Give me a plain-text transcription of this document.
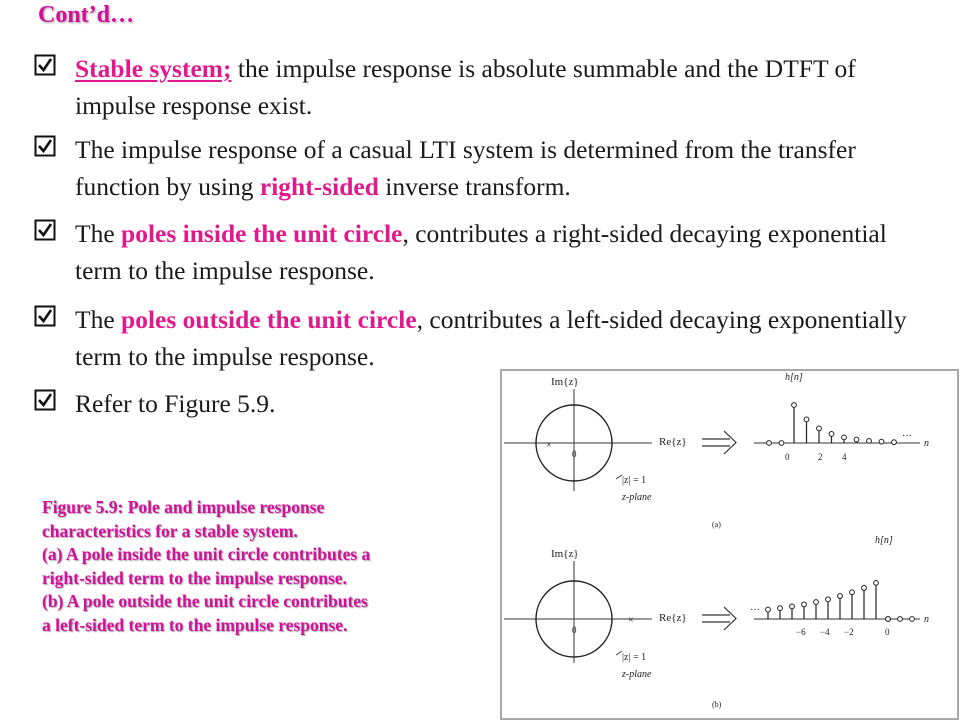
Cont’d…
Stable system; the impulse response is absolute summable and the DTFT of impulse response exist.
The impulse response of a casual LTI system is determined from the transfer function by using right-sided inverse transform.
The poles inside the unit circle, contributes a right-sided decaying exponential term to the impulse response.
The poles outside the unit circle, contributes a left-sided decaying exponentially term to the impulse response.
Refer to Figure 5.9.
Figure 5.9: Pole and impulse response
characteristics for a stable system.
(a) A pole inside the unit circle contributes a
right-sided term to the impulse response.
(b) A pole outside the unit circle contributes
a left-sided term to the impulse response.
Im{z}
×
0
Re{z}
|z| = 1
z-plane
h[n]
n
0	2 4
···
(a)
Im{z}
×
0
Re{z}
|z| = 1
z-plane
h[n]
n
−6 −4 −2	0
···
(b)
